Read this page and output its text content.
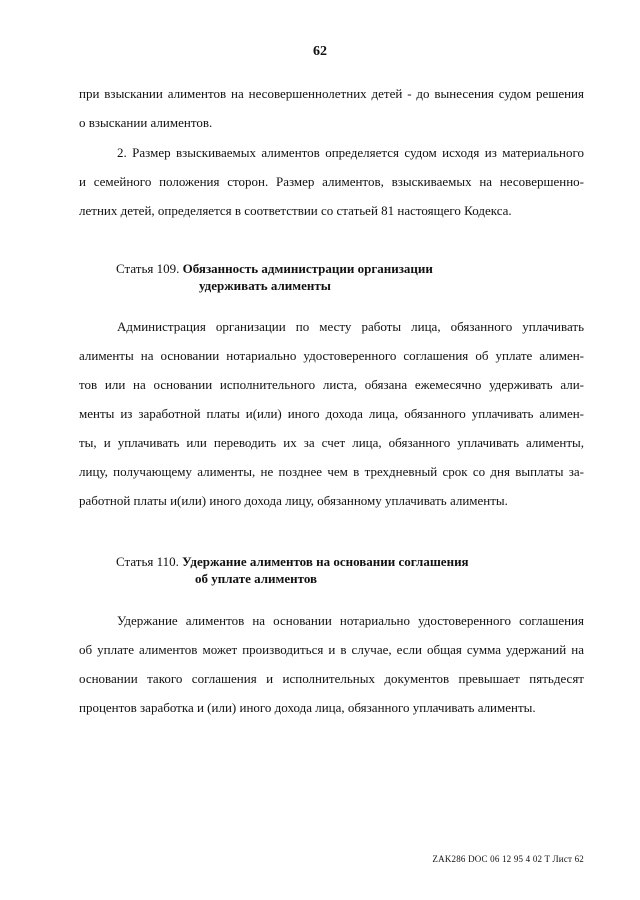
62
при взыскании алиментов на несовершеннолетних детей - до вынесения судом решения
о взыскании алиментов.
2. Размер взыскиваемых алиментов определяется судом исходя из материального
и семейного положения сторон. Размер алиментов, взыскиваемых на несовершенно-
летних детей, определяется в соответствии со статьей 81 настоящего Кодекса.
Статья 109. Обязанность администрации организации
удерживать алименты
Администрация организации по месту работы лица, обязанного уплачивать
алименты на основании нотариально удостоверенного соглашения об уплате алимен-
тов или на основании исполнительного листа, обязана ежемесячно удерживать али-
менты из заработной платы и(или) иного дохода лица, обязанного уплачивать алимен-
ты, и уплачивать или переводить их за счет лица, обязанного уплачивать алименты,
лицу, получающему алименты, не позднее чем в трехдневный срок со дня выплаты за-
работной платы и(или) иного дохода лицу, обязанному уплачивать алименты.
Статья 110. Удержание алиментов на основании соглашения
об уплате алиментов
Удержание алиментов на основании нотариально удостоверенного соглашения
об уплате алиментов может производиться и в случае, если общая сумма удержаний на
основании такого соглашения и исполнительных документов превышает пятьдесят
процентов заработка и (или) иного дохода лица, обязанного уплачивать алименты.
ZAK286 DOC 06 12 95 4 02 T Лист 62
